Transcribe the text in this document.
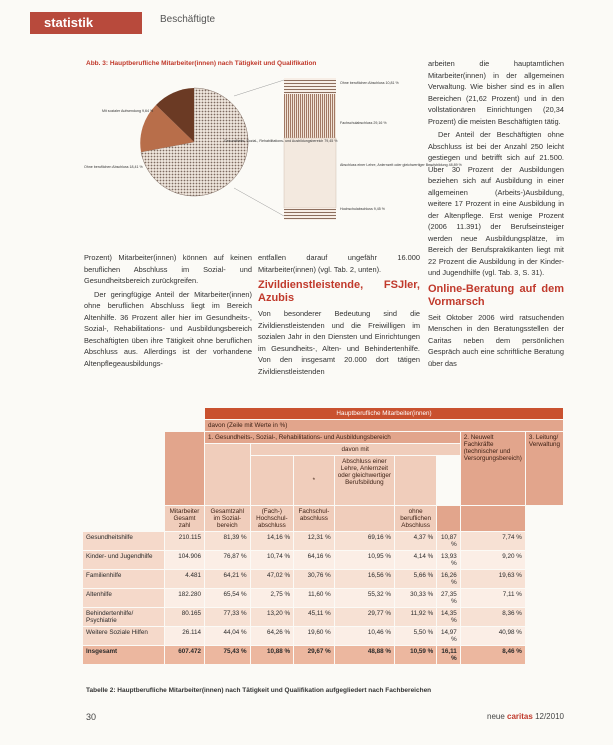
statistik	Beschäftigte
Abb. 3: Hauptberufliche Mitarbeiter(innen) nach Tätigkeit und Qualifikation
Mit sozialer Aufwendung 9,64 %
Ohne beruflichen Abschluss 18,41 %
Gesundheits- Sozial-, Rehabilitations- und Ausbildungsbereich 79,45 %
Ohne beruflichen Abschluss 10,81 %
Fachschulabschluss 29,16 %
Abschluss einer Lehre, Anlernzeit oder gleichwertiger Berufsbildung 48,89 %
Hochschulabschluss 9,45 %

Prozent) Mitarbeiter(innen) können auf keinen beruflichen Abschluss im Sozial- und Gesundheitsbereich zurückgreifen.

Der geringfügige Anteil der Mitarbeiter(innen) ohne beruflichen Abschluss liegt im Bereich Altenhilfe. 36 Prozent aller hier im Gesundheits-, Sozial-, Rehabilitations- und Ausbildungsbereich Beschäftigten üben ihre Tätigkeit ohne beruflichen Abschluss aus. Allerdings ist der vorhandene Altenpflegeausbildungs-

entfallen darauf ungefähr 16.000 Mitarbeiter(innen) (vgl. Tab. 2, unten).

Zivildienstleistende, FSJler, Azubis

Von besonderer Bedeutung sind die Zivildienstleistenden und die Freiwilligen im sozialen Jahr in den Diensten und Einrichtungen im Gesundheits-, Alten- und Behindertenhilfe. Von den insgesamt 20.000 dort tätigen Zivildienstleistenden

arbeiten die hauptamtlichen Mitarbeiter(innen) in der allgemeinen Verwaltung. Wie bisher sind es in allen Bereichen (21,62 Prozent) und in den vollstationären Einrichtungen (20,34 Prozent) die meisten Beschäftigten tätig.

Der Anteil der Beschäftigten ohne Abschluss ist bei der Anzahl 250 leicht gestiegen und betrifft sich auf 21.500. Über 30 Prozent der Ausbildungen beziehen sich auf Ausbildung in einer allgemeinen (Arbeits-)Ausbildung, weitere 17 Prozent in eine Ausbildung in der Altenpflege. Erst wenige Prozent (2006 11.391) der Berufseinsteiger werden neue Ausbildungsplätze, im Bereich der Berufspraktikanten liegt mit 22 Prozent die Ausbildung in der Kinder- und Jugendhilfe (vgl. Tab. 3, S. 31).

Online-Beratung auf dem Vormarsch

Seit Oktober 2006 wird ratsuchenden Menschen in den Beratungsstellen der Caritas neben dem persönlichen Gespräch auch eine schriftliche Beratung über das

		Hauptberufliche Mitarbeiter(innen)							
		davon (Zeile mit Werte in %)							
		1. Gesundheits-, Sozial-, Rehabilitations- und Ausbildungsbereich						2. Neuwelt Fachkräfte (technischer und Versorgungsbereich)	3. Leitung/ Verwaltung
			davon mit						
				*	Abschluss einer Lehre, Anlernzeit oder gleichwertiger Berufsbildung				
	Mitarbeiter Gesamt zahl	Gesamtzahl im Sozial- bereich	(Fach-) Hochschul- abschluss	Fachschul- abschluss		ohne beruflichen Abschluss			
Gesundheitshilfe	210.115	81,39 %	14,16 %	12,31 %	69,16 %	4,37 %	10,87 %	7,74 %	
Kinder- und Jugendhilfe	104.906	76,87 %	10,74 %	64,16 %	10,95 %	4,14 %	13,93 %	9,20 %	
Familienhilfe	4.481	64,21 %	47,02 %	30,76 %	16,56 %	5,66 %	16,26 %	19,63 %	
Altenhilfe	182.280	65,54 %	2,75 %	11,60 %	55,32 %	30,33 %	27,35 %	7,11 %	
Behindertenhilfe/ Psychiatrie	80.165	77,33 %	13,20 %	45,11 %	29,77 %	11,92 %	14,35 %	8,36 %	
Weitere Soziale Hilfen	26.114	44,04 %	64,26 %	19,60 %	10,46 %	5,50 %	14,97 %	40,98 %	
Insgesamt	607.472	75,43 %	10,88 %	29,67 %	48,88 %	10,59 %	16,11 %	8,46 %	
Tabelle 2: Hauptberufliche Mitarbeiter(innen) nach Tätigkeit und Qualifikation aufgegliedert nach Fachbereichen
30	neue caritas 12/2010
